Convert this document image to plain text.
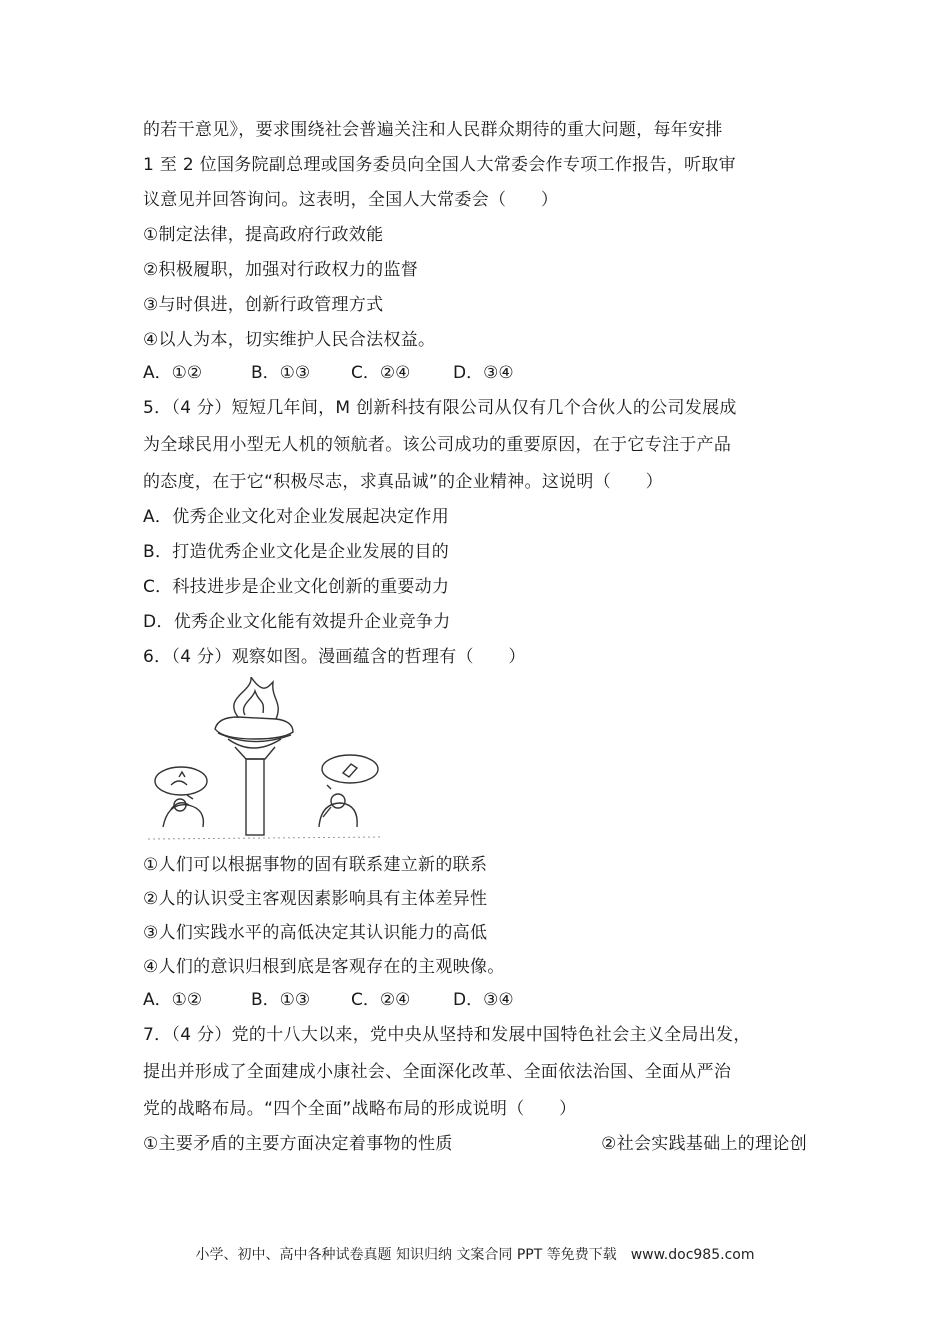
的若干意见》，要求围绕社会普遍关注和人民群众期待的重大问题，每年安排
1 至 2 位国务院副总理或国务委员向全国人大常委会作专项工作报告，听取审
议意见并回答询问。这表明，全国人大常委会（　　）
①制定法律，提高政府行政效能
②积极履职，加强对行政权力的监督
③与时俱进，创新行政管理方式
④以人为本，切实维护人民合法权益。
A．①②	B．①③	C．②④	D．③④
5．（4 分）短短几年间，M 创新科技有限公司从仅有几个合伙人的公司发展成
为全球民用小型无人机的领航者。该公司成功的重要原因，在于它专注于产品
的态度，在于它“积极尽志，求真品诚”的企业精神。这说明（　　）
A．优秀企业文化对企业发展起决定作用
B．打造优秀企业文化是企业发展的目的
C．科技进步是企业文化创新的重要动力
D．优秀企业文化能有效提升企业竞争力
6．（4 分）观察如图。漫画蕴含的哲理有（　　）
①人们可以根据事物的固有联系建立新的联系
②人的认识受主客观因素影响具有主体差异性
③人们实践水平的高低决定其认识能力的高低
④人们的意识归根到底是客观存在的主观映像。
A．①②	B．①③	C．②④	D．③④
7．（4 分）党的十八大以来，党中央从坚持和发展中国特色社会主义全局出发，
提出并形成了全面建成小康社会、全面深化改革、全面依法治国、全面从严治
党的战略布局。“四个全面”战略布局的形成说明（　　）
①主要矛盾的主要方面决定着事物的性质	②社会实践基础上的理论创
小学、初中、高中各种试卷真题 知识归纳 文案合同 PPT 等免费下载　www.doc985.com
